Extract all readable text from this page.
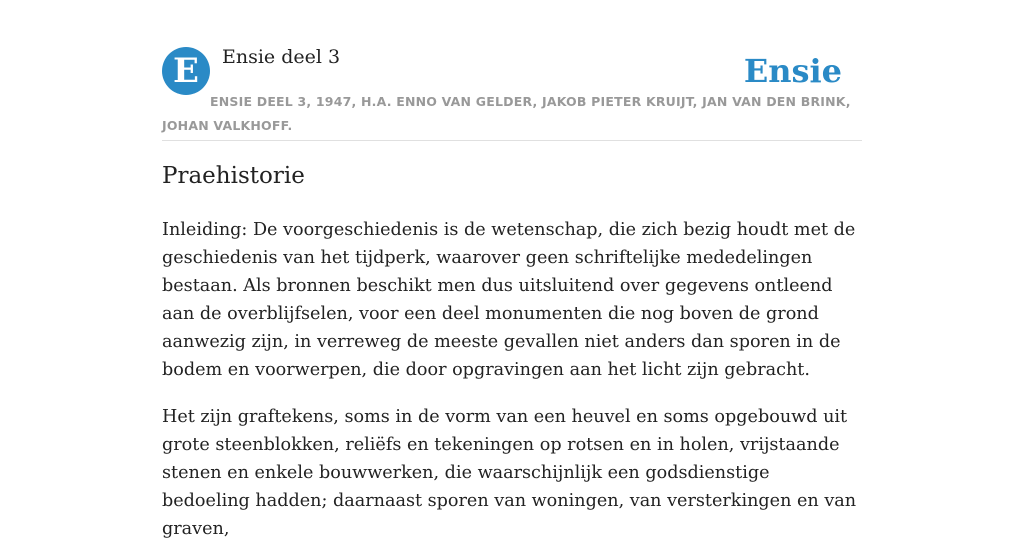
E	Ensie deel 3	Ensie
ENSIE DEEL 3, 1947, H.A. ENNO VAN GELDER, JAKOB PIETER KRUIJT, JAN VAN DEN BRINK, JOHAN VALKHOFF.
Praehistorie

Inleiding: De voorgeschiedenis is de wetenschap, die zich bezig houdt met de geschiedenis van het tijdperk, waarover geen schriftelijke mededelingen bestaan. Als bronnen beschikt men dus uitsluitend over gegevens ontleend aan de overblijfselen, voor een deel monumenten die nog boven de grond aanwezig zijn, in verreweg de meeste gevallen niet anders dan sporen in de bodem en voorwerpen, die door opgravingen aan het licht zijn gebracht.

Het zijn graftekens, soms in de vorm van een heuvel en soms opgebouwd uit grote steenblokken, reliëfs en tekeningen op rotsen en in holen, vrijstaande stenen en enkele bouwwerken, die waarschijnlijk een godsdienstige bedoeling hadden; daarnaast sporen van woningen, van versterkingen en van graven,
